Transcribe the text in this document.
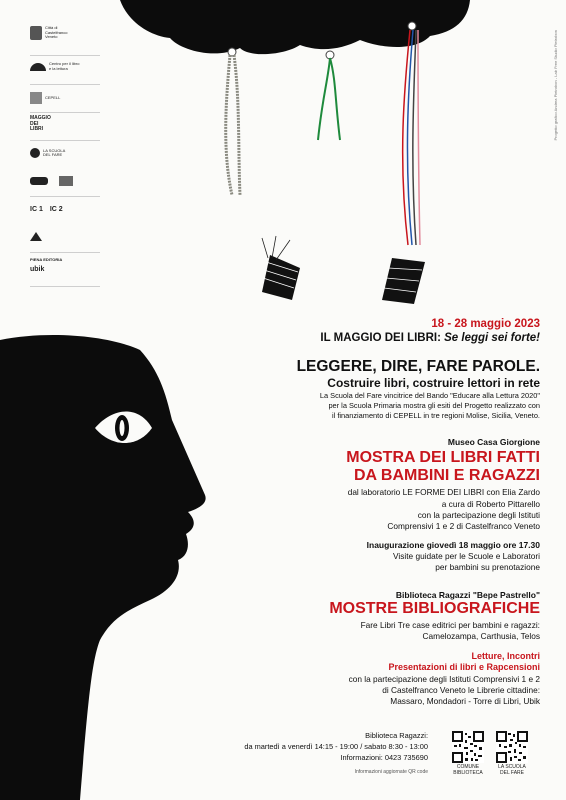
Progetto grafico Andrea Pietrobon - Lab Free Studio Pietrobon
Città di
Castelfranco
Veneto
Centro per il libro
e la lettura
CEPELL
MAGGIO
DEI
LIBRI
LA SCUOLA
DEL FARE
IC 1 IC 2
PIENA EDITORIA
ubik
18 - 28 maggio 2023
IL MAGGIO DEI LIBRI: Se leggi sei forte!
LEGGERE, DIRE, FARE PAROLE.
Costruire libri, costruire lettori in rete
La Scuola del Fare vincitrice del Bando "Educare alla Lettura 2020"
per la Scuola Primaria mostra gli esiti del Progetto realizzato con
il finanziamento di CEPELL in tre regioni Molise, Sicilia, Veneto.
Museo Casa Giorgione
MOSTRA DEI LIBRI FATTI
DA BAMBINI E RAGAZZI
dal laboratorio LE FORME DEI LIBRI con Elia Zardo
a cura di Roberto Pittarello
con la partecipazione degli Istituti
Comprensivi 1 e 2 di Castelfranco Veneto
Inaugurazione giovedì 18 maggio ore 17.30
Visite guidate per le Scuole e Laboratori
per bambini su prenotazione
Biblioteca Ragazzi "Bepe Pastrello"
MOSTRE BIBLIOGRAFICHE
Fare Libri Tre case editrici per bambini e ragazzi:
Camelozampa, Carthusia, Telos
Letture, Incontri
Presentazioni di libri e Rapcensioni
con la partecipazione degli Istituti Comprensivi 1 e 2
di Castelfranco Veneto le Librerie cittadine:
Massaro, Mondadori - Torre di Libri, Ubik
Biblioteca Ragazzi:
da martedì a venerdì 14:15 - 19:00 / sabato 8:30 - 13:00
Informazioni: 0423 735690
Informazioni aggiornate QR code
COMUNE
BIBLIOTECA
LA SCUOLA
DEL FARE
